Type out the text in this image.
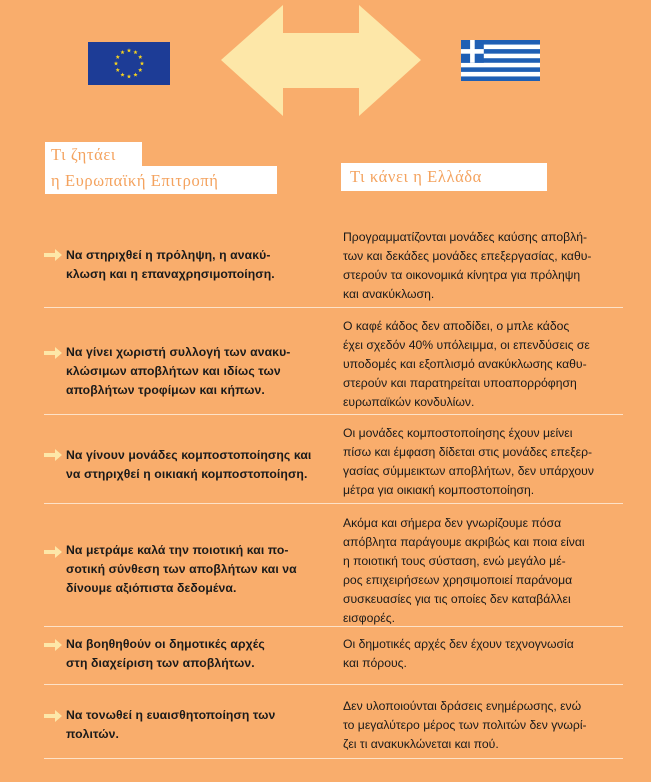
Τι ζητάει
η Ευρωπαϊκή Επιτροπή	Τι κάνει η Ελλάδα
Να στηριχθεί η πρόληψη, η ανακύ-
κλωση και η επαναχρησιμοποίηση.
Προγραμματίζονται μονάδες καύσης αποβλή-
των και δεκάδες μονάδες επεξεργασίας, καθυ-
στερούν τα οικονομικά κίνητρα για πρόληψη
και ανακύκλωση.
Να γίνει χωριστή συλλογή των ανακυ-
κλώσιμων αποβλήτων και ιδίως των
αποβλήτων τροφίμων και κήπων.
Ο καφέ κάδος δεν αποδίδει, ο μπλε κάδος
έχει σχεδόν 40% υπόλειμμα, οι επενδύσεις σε
υποδομές και εξοπλισμό ανακύκλωσης καθυ-
στερούν και παρατηρείται υποαπορρόφηση
ευρωπαϊκών κονδυλίων.
Να γίνουν μονάδες κομποστοποίησης και
να στηριχθεί η οικιακή κομποστοποίηση.
Οι μονάδες κομποστοποίησης έχουν μείνει
πίσω και έμφαση δίδεται στις μονάδες επεξερ-
γασίας σύμμεικτων αποβλήτων, δεν υπάρχουν
μέτρα για οικιακή κομποστοποίηση.
Να μετράμε καλά την ποιοτική και πο-
σοτική σύνθεση των αποβλήτων και να
δίνουμε αξιόπιστα δεδομένα.
Ακόμα και σήμερα δεν γνωρίζουμε πόσα
απόβλητα παράγουμε ακριβώς και ποια είναι
η ποιοτική τους σύσταση, ενώ μεγάλο μέ-
ρος επιχειρήσεων χρησιμοποιεί παράνομα
συσκευασίες για τις οποίες δεν καταβάλλει
εισφορές.
Να βοηθηθούν οι δημοτικές αρχές
στη διαχείριση των αποβλήτων.
Οι δημοτικές αρχές δεν έχουν τεχνογνωσία
και πόρους.
Να τονωθεί η ευαισθητοποίηση των
πολιτών.
Δεν υλοποιούνται δράσεις ενημέρωσης, ενώ
το μεγαλύτερο μέρος των πολιτών δεν γνωρί-
ζει τι ανακυκλώνεται και πού.
